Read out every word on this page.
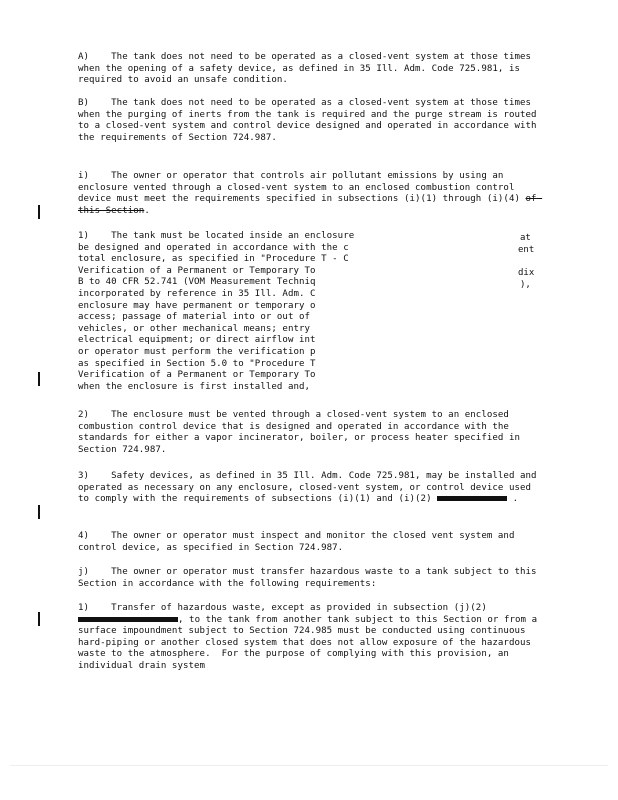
A)    The tank does not need to be operated as a closed-vent system at those times when the opening of a safety device, as defined in 35 Ill. Adm. Code 725.981, is required to avoid an unsafe condition.
B)    The tank does not need to be operated as a closed-vent system at those times when the purging of inerts from the tank is required and the purge stream is routed to a closed-vent system and control device designed and operated in accordance with the requirements of Section 724.987.
i)    The owner or operator that controls air pollutant emissions by using an enclosure vented through a closed-vent system to an enclosed combustion control device must meet the requirements specified in subsections (i)(1) through (i)(4) of this Section.
1)    The tank must be located inside an enclosure
be designed and operated in accordance with the c
total enclosure, as specified in "Procedure T - C
Verification of a Permanent or Temporary To
B to 40 CFR 52.741 (VOM Measurement Techniq
incorporated by reference in 35 Ill. Adm. C
enclosure may have permanent or temporary o
access; passage of material into or out of
vehicles, or other mechanical means; entry
electrical equipment; or direct airflow int
or operator must perform the verification p
as specified in Section 5.0 to "Procedure T
Verification of a Permanent or Temporary To
when the enclosure is first installed and,
at
ent
dix
),
2)    The enclosure must be vented through a closed-vent system to an enclosed combustion control device that is designed and operated in accordance with the standards for either a vapor incinerator, boiler, or process heater specified in Section 724.987.
3)    Safety devices, as defined in 35 Ill. Adm. Code 725.981, may be installed and operated as necessary on any enclosure, closed-vent system, or control device used to comply with the requirements of subsections (i)(1) and (i)(2)	.
4)    The owner or operator must inspect and monitor the closed vent system and control device, as specified in Section 724.987.
j)    The owner or operator must transfer hazardous waste to a tank subject to this Section in accordance with the following requirements:
1)    Transfer of hazardous waste, except as provided in subsection (j)(2) , to the tank from another tank subject to this Section or from a surface impoundment subject to Section 724.985 must be conducted using continuous hard-piping or another closed system that does not allow exposure of the hazardous waste to the atmosphere.  For the purpose of complying with this provision, an individual drain system
